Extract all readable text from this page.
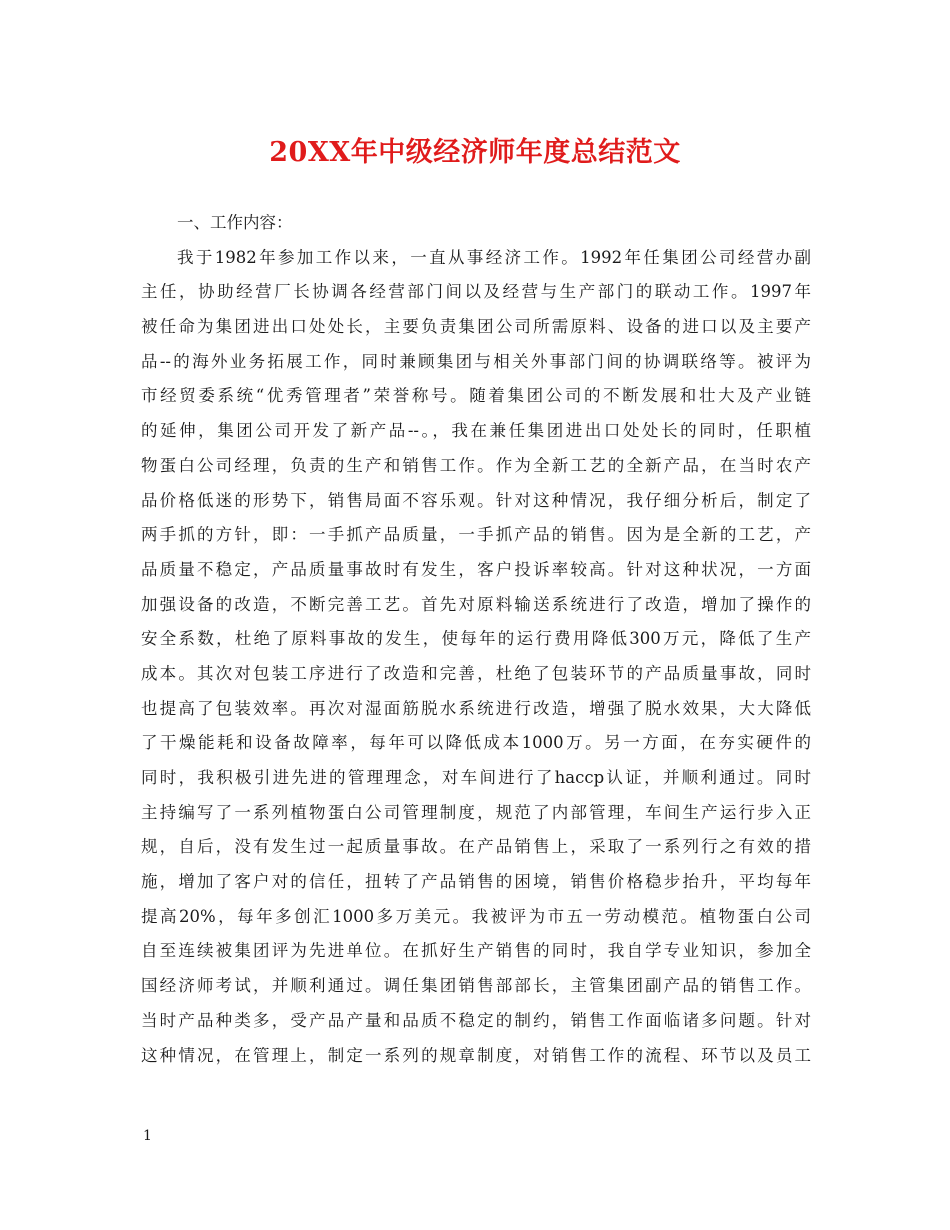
20XX年中级经济师年度总结范文
一、工作内容：
我于1982年参加工作以来，一直从事经济工作。1992年任集团公司经营办副
主任，协助经营厂长协调各经营部门间以及经营与生产部门的联动工作。1997年
被任命为集团进出口处处长，主要负责集团公司所需原料、设备的进口以及主要产
品--的海外业务拓展工作，同时兼顾集团与相关外事部门间的协调联络等。被评为
市经贸委系统“优秀管理者”荣誉称号。随着集团公司的不断发展和壮大及产业链
的延伸，集团公司开发了新产品--。，我在兼任集团进出口处处长的同时，任职植
物蛋白公司经理，负责的生产和销售工作。作为全新工艺的全新产品，在当时农产
品价格低迷的形势下，销售局面不容乐观。针对这种情况，我仔细分析后，制定了
两手抓的方针，即：一手抓产品质量，一手抓产品的销售。因为是全新的工艺，产
品质量不稳定，产品质量事故时有发生，客户投诉率较高。针对这种状况，一方面
加强设备的改造，不断完善工艺。首先对原料输送系统进行了改造，增加了操作的
安全系数，杜绝了原料事故的发生，使每年的运行费用降低300万元，降低了生产
成本。其次对包装工序进行了改造和完善，杜绝了包装环节的产品质量事故，同时
也提高了包装效率。再次对湿面筋脱水系统进行改造，增强了脱水效果，大大降低
了干燥能耗和设备故障率，每年可以降低成本1000万。另一方面，在夯实硬件的
同时，我积极引进先进的管理理念，对车间进行了haccp认证，并顺利通过。同时
主持编写了一系列植物蛋白公司管理制度，规范了内部管理，车间生产运行步入正
规，自后，没有发生过一起质量事故。在产品销售上，采取了一系列行之有效的措
施，增加了客户对的信任，扭转了产品销售的困境，销售价格稳步抬升，平均每年
提高20%，每年多创汇1000多万美元。我被评为市五一劳动模范。植物蛋白公司
自至连续被集团评为先进单位。在抓好生产销售的同时，我自学专业知识，参加全
国经济师考试，并顺利通过。调任集团销售部部长，主管集团副产品的销售工作。
当时产品种类多，受产品产量和品质不稳定的制约，销售工作面临诸多问题。针对
这种情况，在管理上，制定一系列的规章制度，对销售工作的流程、环节以及员工
1
